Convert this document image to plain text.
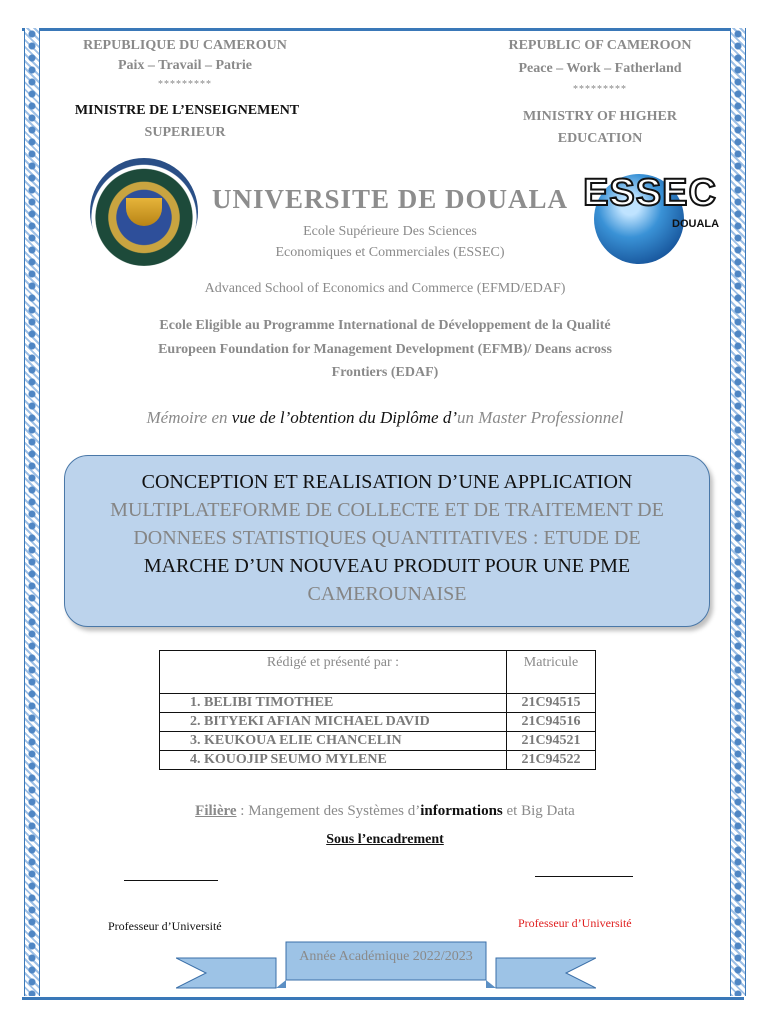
REPUBLIQUE DU CAMEROUN
Paix – Travail – Patrie
*********
MINISTRE DE L’ENSEIGNEMENT
SUPERIEUR
REPUBLIC OF CAMEROON
Peace – Work – Fatherland
*********
MINISTRY OF HIGHER
EDUCATION
ESSEC
DOUALA
UNIVERSITE DE DOUALA
Ecole Supérieure Des Sciences
Economiques et Commerciales (ESSEC)
Advanced School of Economics and Commerce (EFMD/EDAF)
Ecole Eligible au Programme International de Développement de la Qualité
Europeen Foundation for Management Development (EFMB)/ Deans across
Frontiers (EDAF)
Mémoire en vue de l’obtention du Diplôme d’un Master Professionnel
CONCEPTION ET REALISATION D’UNE APPLICATION
MULTIPLATEFORME DE COLLECTE ET DE TRAITEMENT DE
DONNEES STATISTIQUES QUANTITATIVES : ETUDE DE
MARCHE D’UN NOUVEAU PRODUIT POUR UNE PME
CAMEROUNAISE
Rédigé et présenté par :	Matricule
1. BELIBI TIMOTHEE	21C94515
2. BITYEKI AFIAN MICHAEL DAVID	21C94516
3. KEUKOUA ELIE CHANCELIN	21C94521
4. KOUOJIP SEUMO MYLENE	21C94522
Filière : Mangement des Systèmes d’informations et Big Data
Sous l’encadrement
Professeur d’Université	Professeur d’Université
Année Académique 2022/2023
